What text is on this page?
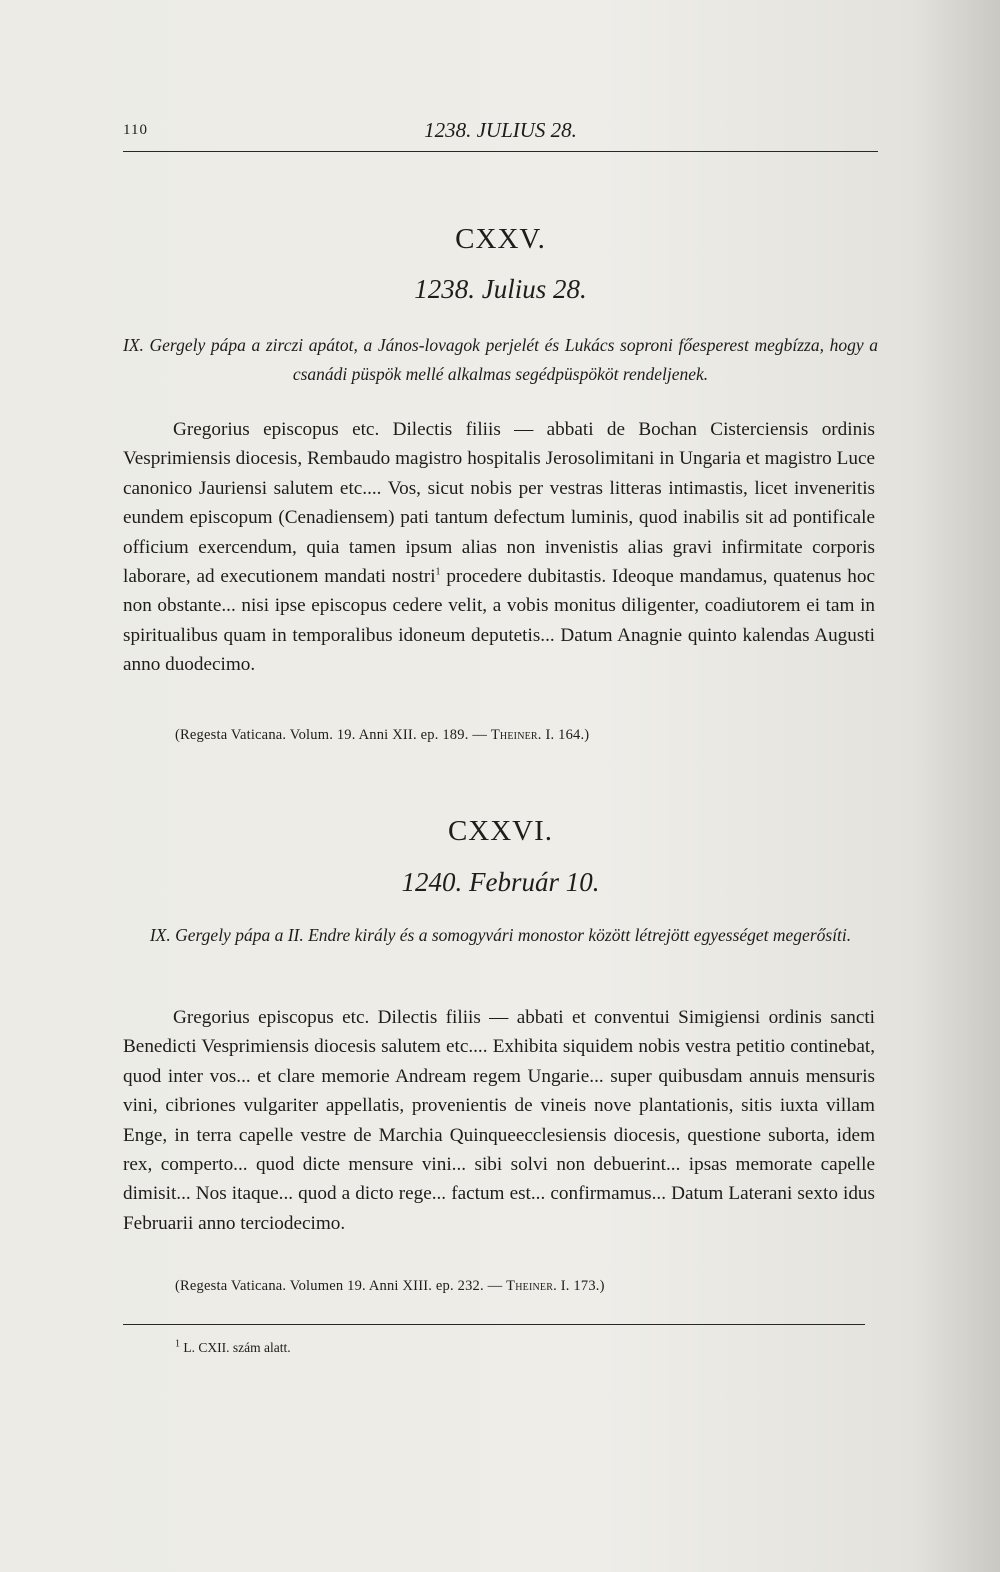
110	1238. JULIUS 28.
CXXV.
1238. Julius 28.
IX. Gergely pápa a zirczi apátot, a János-lovagok perjelét és Lukács soproni főesperest megbízza, hogy a csanádi püspök mellé alkalmas segédpüspököt rendeljenek.
Gregorius episcopus etc. Dilectis filiis — abbati de Bochan Cisterciensis ordinis Vesprimiensis diocesis, Rembaudo magistro hospitalis Jerosolimitani in Ungaria et magistro Luce canonico Jauriensi salutem etc.... Vos, sicut nobis per vestras litteras intimastis, licet inveneritis eundem episcopum (Cenadiensem) pati tantum defectum luminis, quod inabilis sit ad pontificale officium exercendum, quia tamen ipsum alias non invenistis alias gravi infirmitate corporis laborare, ad executionem mandati nostri$^1$ procedere dubitastis. Ideoque mandamus, quatenus hoc non obstante... nisi ipse episcopus cedere velit, a vobis monitus diligenter, coadiutorem ei tam in spiritualibus quam in temporalibus idoneum deputetis... Datum Anagnie quinto kalendas Augusti anno duodecimo.
(Regesta Vaticana. Volum. 19. Anni XII. ep. 189. — Theiner. I. 164.)
CXXVI.
1240. Február 10.
IX. Gergely pápa a II. Endre király és a somogyvári monostor között létrejött egyességet megerősíti.
Gregorius episcopus etc. Dilectis filiis — abbati et conventui Simigiensi ordinis sancti Benedicti Vesprimiensis diocesis salutem etc.... Exhibita siquidem nobis vestra petitio continebat, quod inter vos... et clare memorie Andream regem Ungarie... super quibusdam annuis mensuris vini, cibriones vulgariter appellatis, provenientis de vineis nove plantationis, sitis iuxta villam Enge, in terra capelle vestre de Marchia Quinqueecclesiensis diocesis, questione suborta, idem rex, comperto... quod dicte mensure vini... sibi solvi non debuerint... ipsas memorate capelle dimisit... Nos itaque... quod a dicto rege... factum est... confirmamus... Datum Laterani sexto idus Februarii anno terciodecimo.
(Regesta Vaticana. Volumen 19. Anni XIII. ep. 232. — Theiner. I. 173.)
$^1$ L. CXII. szám alatt.
